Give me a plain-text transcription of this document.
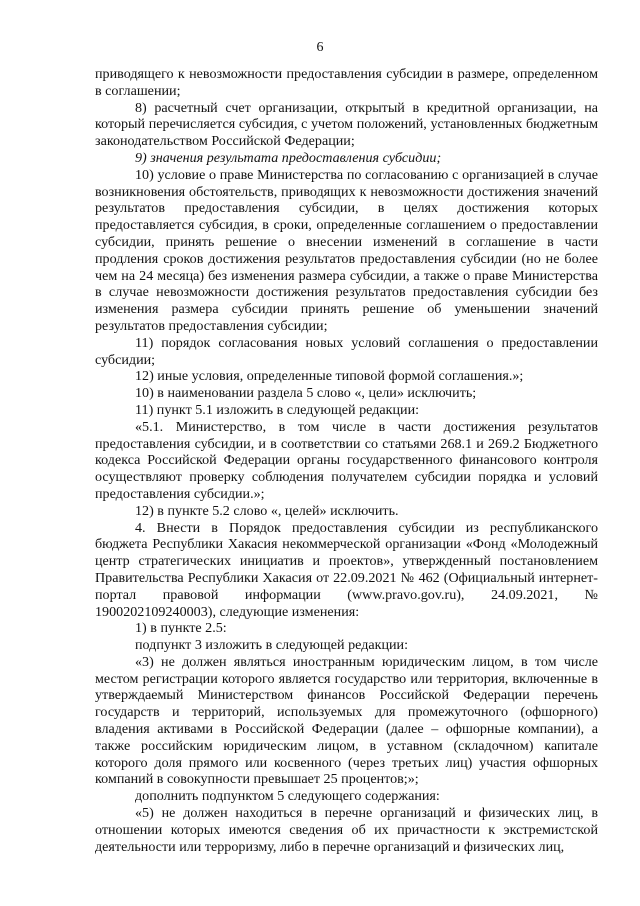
6

приводящего к невозможности предоставления субсидии в размере, определенном в соглашении;

8) расчетный счет организации, открытый в кредитной организации, на который перечисляется субсидия, с учетом положений, установленных бюджетным законодательством Российской Федерации;

9) значения результата предоставления субсидии;

10) условие о праве Министерства по согласованию с организацией в случае возникновения обстоятельств, приводящих к невозможности достижения значений результатов предоставления субсидии, в целях достижения которых предоставляется субсидия, в сроки, определенные соглашением о предоставлении субсидии, принять решение о внесении изменений в соглашение в части продления сроков достижения результатов предоставления субсидии (но не более чем на 24 месяца) без изменения размера субсидии, а также о праве Министерства в случае невозможности достижения результатов предоставления субсидии без изменения размера субсидии принять решение об уменьшении значений результатов предоставления субсидии;

11) порядок согласования новых условий соглашения о предоставлении субсидии;

12) иные условия, определенные типовой формой соглашения.»;

10) в наименовании раздела 5 слово «, цели» исключить;

11) пункт 5.1 изложить в следующей редакции:

«5.1. Министерство, в том числе в части достижения результатов предоставления субсидии, и в соответствии со статьями 268.1 и 269.2 Бюджетного кодекса Российской Федерации органы государственного финансового контроля осуществляют проверку соблюдения получателем субсидии порядка и условий предоставления субсидии.»;

12) в пункте 5.2 слово «, целей» исключить.

4. Внести в Порядок предоставления субсидии из республиканского бюджета Республики Хакасия некоммерческой организации «Фонд «Молодежный центр стратегических инициатив и проектов», утвержденный постановлением Правительства Республики Хакасия от 22.09.2021 № 462 (Официальный интернет-портал правовой информации (www.pravo.gov.ru), 24.09.2021, № 1900202109240003), следующие изменения:

1) в пункте 2.5:

подпункт 3 изложить в следующей редакции:

«3) не должен являться иностранным юридическим лицом, в том числе местом регистрации которого является государство или территория, включенные в утверждаемый Министерством финансов Российской Федерации перечень государств и территорий, используемых для промежуточного (офшорного) владения активами в Российской Федерации (далее – офшорные компании), а также российским юридическим лицом, в уставном (складочном) капитале которого доля прямого или косвенного (через третьих лиц) участия офшорных компаний в совокупности превышает 25 процентов;»;

дополнить подпунктом 5 следующего содержания:

«5) не должен находиться в перечне организаций и физических лиц, в отношении которых имеются сведения об их причастности к экстремистской деятельности или терроризму, либо в перечне организаций и физических лиц,
